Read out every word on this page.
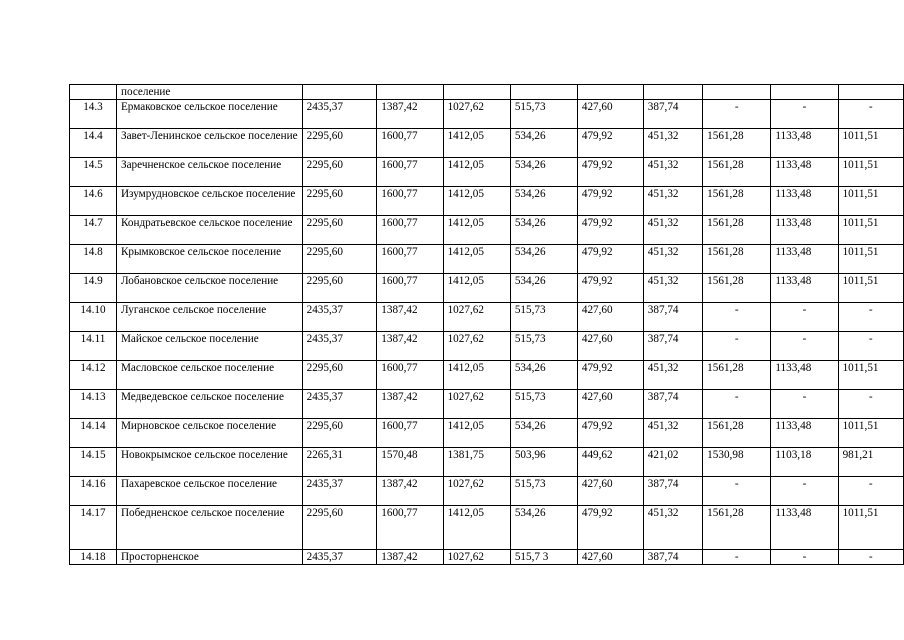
	поселение									
14.3	Ермаковское сельское поселение	2435,37	1387,42	1027,62	515,73	427,60	387,74	-	-	-
14.4	Завет-Ленинское сельское поселение	2295,60	1600,77	1412,05	534,26	479,92	451,32	1561,28	1133,48	1011,51
14.5	Заречненское сельское поселение	2295,60	1600,77	1412,05	534,26	479,92	451,32	1561,28	1133,48	1011,51
14.6	Изумрудновское сельское поселение	2295,60	1600,77	1412,05	534,26	479,92	451,32	1561,28	1133,48	1011,51
14.7	Кондратьевское сельское поселение	2295,60	1600,77	1412,05	534,26	479,92	451,32	1561,28	1133,48	1011,51
14.8	Крымковское сельское поселение	2295,60	1600,77	1412,05	534,26	479,92	451,32	1561,28	1133,48	1011,51
14.9	Лобановское сельское поселение	2295,60	1600,77	1412,05	534,26	479,92	451,32	1561,28	1133,48	1011,51
14.10	Луганское сельское поселение	2435,37	1387,42	1027,62	515,73	427,60	387,74	-	-	-
14.11	Майское сельское поселение	2435,37	1387,42	1027,62	515,73	427,60	387,74	-	-	-
14.12	Масловское сельское поселение	2295,60	1600,77	1412,05	534,26	479,92	451,32	1561,28	1133,48	1011,51
14.13	Медведевское сельское поселение	2435,37	1387,42	1027,62	515,73	427,60	387,74	-	-	-
14.14	Мирновское сельское поселение	2295,60	1600,77	1412,05	534,26	479,92	451,32	1561,28	1133,48	1011,51
14.15	Новокрымское сельское поселение	2265,31	1570,48	1381,75	503,96	449,62	421,02	1530,98	1103,18	981,21
14.16	Пахаревское сельское поселение	2435,37	1387,42	1027,62	515,73	427,60	387,74	-	-	-
14.17	Победненское сельское поселение	2295,60	1600,77	1412,05	534,26	479,92	451,32	1561,28	1133,48	1011,51
14.18	Просторненское	2435,37	1387,42	1027,62	515,7 3	427,60	387,74	-	-	-
